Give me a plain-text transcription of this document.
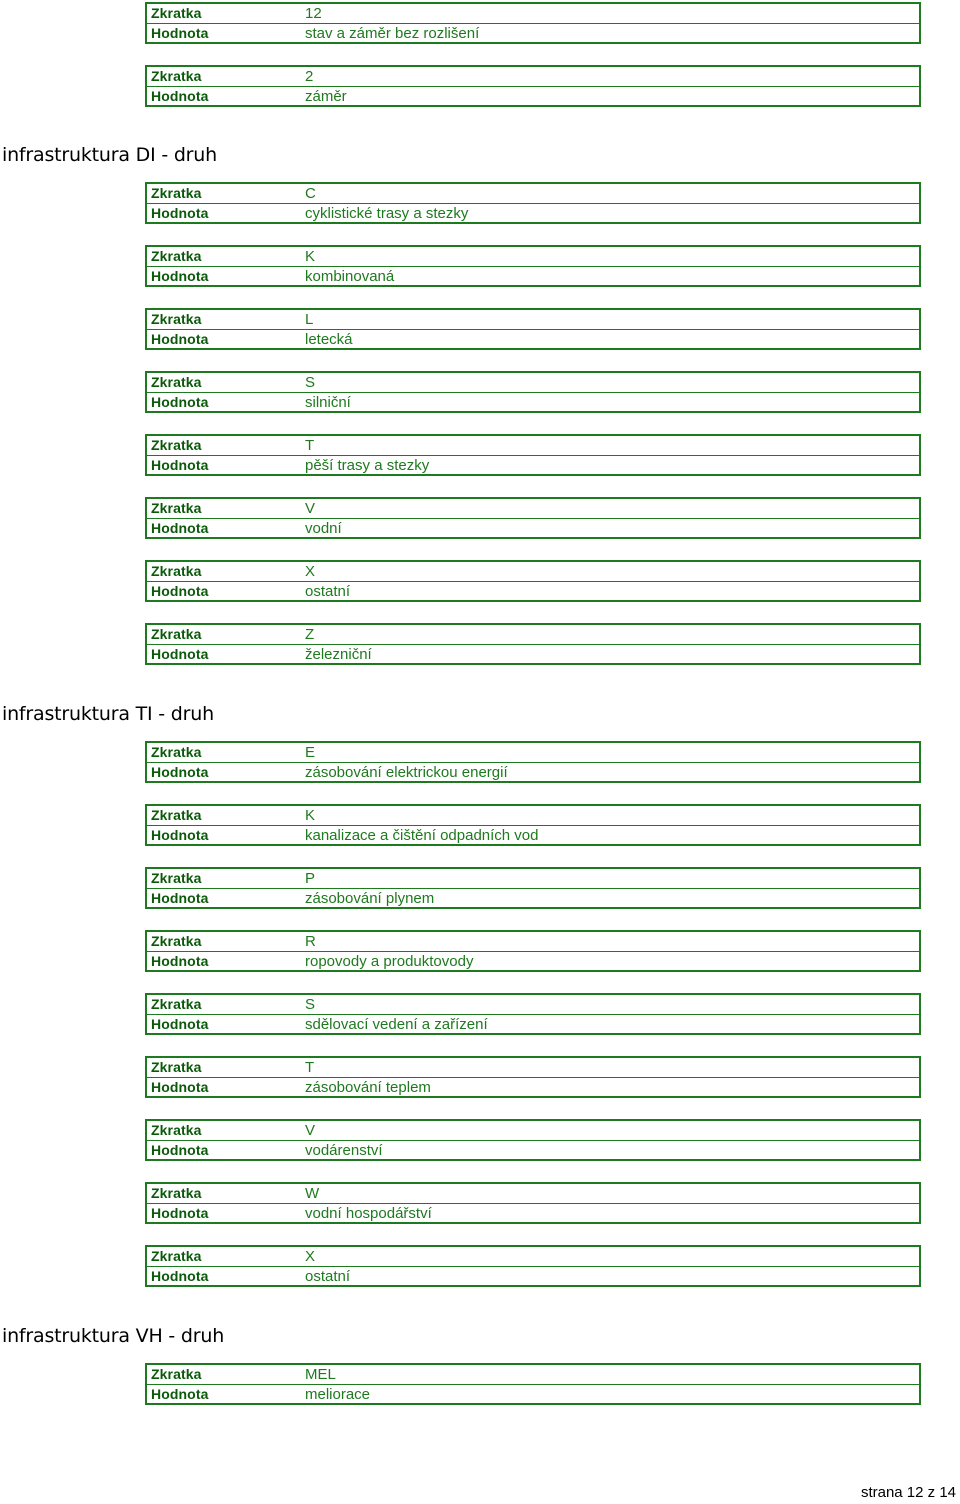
Zkratka	12
Hodnota	stav a záměr bez rozlišení
Zkratka	2
Hodnota	záměr
infrastruktura DI - druh
Zkratka	C
Hodnota	cyklistické trasy a stezky
Zkratka	K
Hodnota	kombinovaná
Zkratka	L
Hodnota	letecká
Zkratka	S
Hodnota	silniční
Zkratka	T
Hodnota	pěší trasy a stezky
Zkratka	V
Hodnota	vodní
Zkratka	X
Hodnota	ostatní
Zkratka	Z
Hodnota	železniční
infrastruktura TI - druh
Zkratka	E
Hodnota	zásobování elektrickou energií
Zkratka	K
Hodnota	kanalizace a čištění odpadních vod
Zkratka	P
Hodnota	zásobování plynem
Zkratka	R
Hodnota	ropovody a produktovody
Zkratka	S
Hodnota	sdělovací vedení a zařízení
Zkratka	T
Hodnota	zásobování teplem
Zkratka	V
Hodnota	vodárenství
Zkratka	W
Hodnota	vodní hospodářství
Zkratka	X
Hodnota	ostatní
infrastruktura VH - druh
Zkratka	MEL
Hodnota	meliorace
strana 12 z 14
